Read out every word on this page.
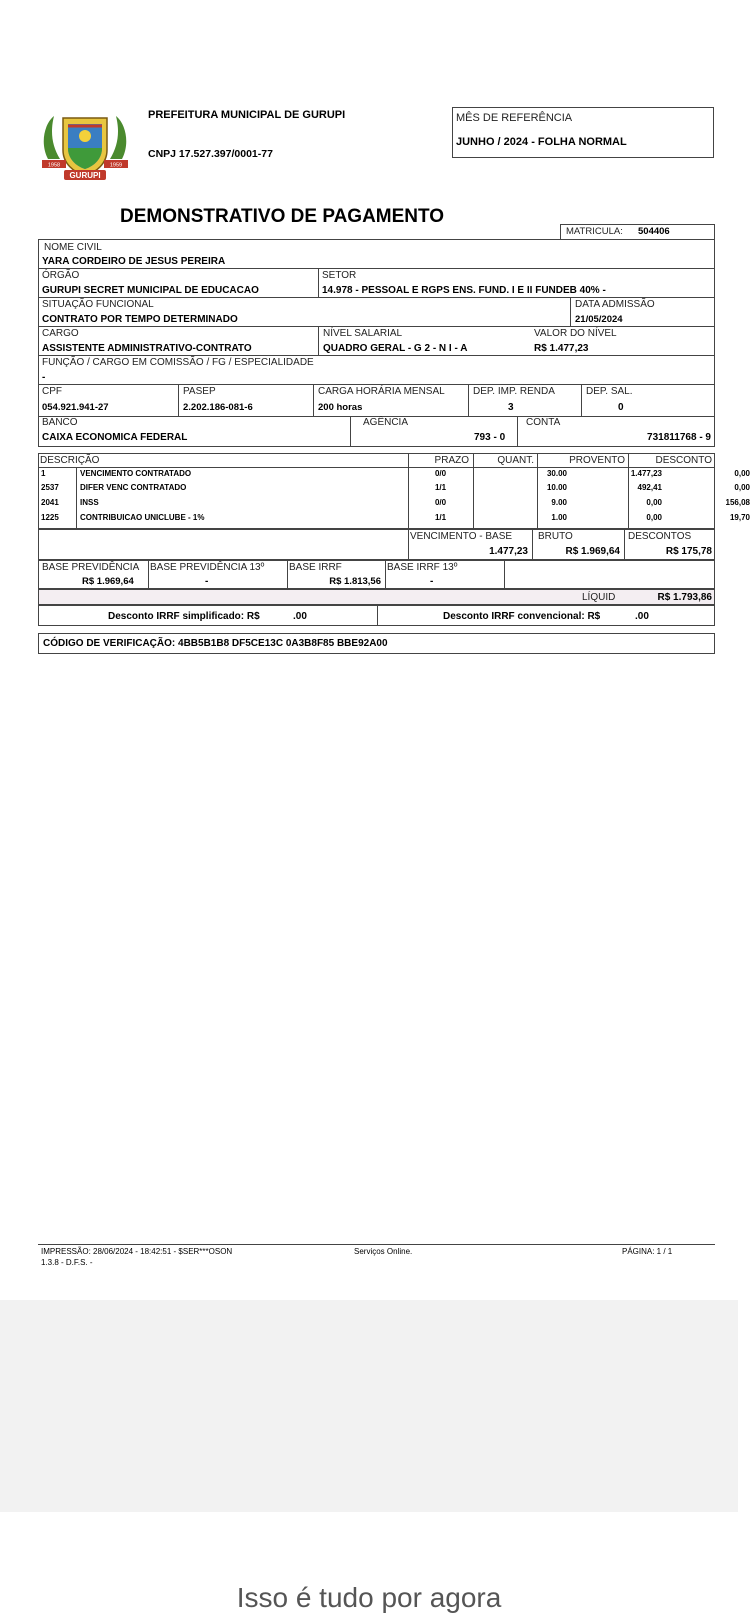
GURUPI
1958	1959
PREFEITURA MUNICIPAL DE GURUPI
CNPJ 17.527.397/0001-77
MÊS DE REFERÊNCIA
JUNHO / 2024 - FOLHA NORMAL
DEMONSTRATIVO DE PAGAMENTO
MATRICULA: 504406
NOME CIVIL
YARA CORDEIRO DE JESUS PEREIRA
ÓRGÃO
GURUPI SECRET MUNICIPAL DE EDUCACAO
SETOR
14.978 - PESSOAL E RGPS ENS. FUND. I E II FUNDEB 40% -
SITUAÇÃO FUNCIONAL
CONTRATO POR TEMPO DETERMINADO
DATA ADMISSÃO
21/05/2024
CARGO
ASSISTENTE ADMINISTRATIVO-CONTRATO
NÍVEL SALARIAL
QUADRO GERAL - G 2 - N I - A
VALOR DO NÍVEL
R$ 1.477,23
FUNÇÃO / CARGO EM COMISSÃO / FG / ESPECIALIDADE
-
CPF
054.921.941-27
PASEP
2.202.186-081-6
CARGA HORÁRIA MENSAL
200 horas
DEP. IMP. RENDA
3
DEP. SAL.
0
BANCO
CAIXA ECONOMICA FEDERAL
AGÊNCIA
793 - 0
CONTA
731811768 - 9
DESCRIÇÃO	PRAZO	QUANT.	PROVENTO	DESCONTO
1	VENCIMENTO CONTRATADO	0/0	30.00	1.477,23	0,00
2537	DIFER VENC CONTRATADO	1/1	10.00	492,41	0,00
2041	INSS	0/0	9.00	0,00	156,08
1225	CONTRIBUICAO UNICLUBE - 1%	1/1	1.00	0,00	19,70
VENCIMENTO - BASE
1.477,23
BRUTO
R$ 1.969,64
DESCONTOS
R$ 175,78
BASE PREVIDÊNCIA
R$ 1.969,64
BASE PREVIDÊNCIA 13º
-
BASE IRRF
R$ 1.813,56
BASE IRRF 13º
-
LÍQUID	R$ 1.793,86
Desconto IRRF simplificado: R$	.00	Desconto IRRF convencional: R$	.00
CÓDIGO DE VERIFICAÇÃO: 4BB5B1B8 DF5CE13C 0A3B8F85 BBE92A00
IMPRESSÃO: 28/06/2024 - 18:42:51 - $SER***OSON
1.3.8 - D.F.S. -
Serviços Online.	PÁGINA: 1 / 1
Isso é tudo por agora
